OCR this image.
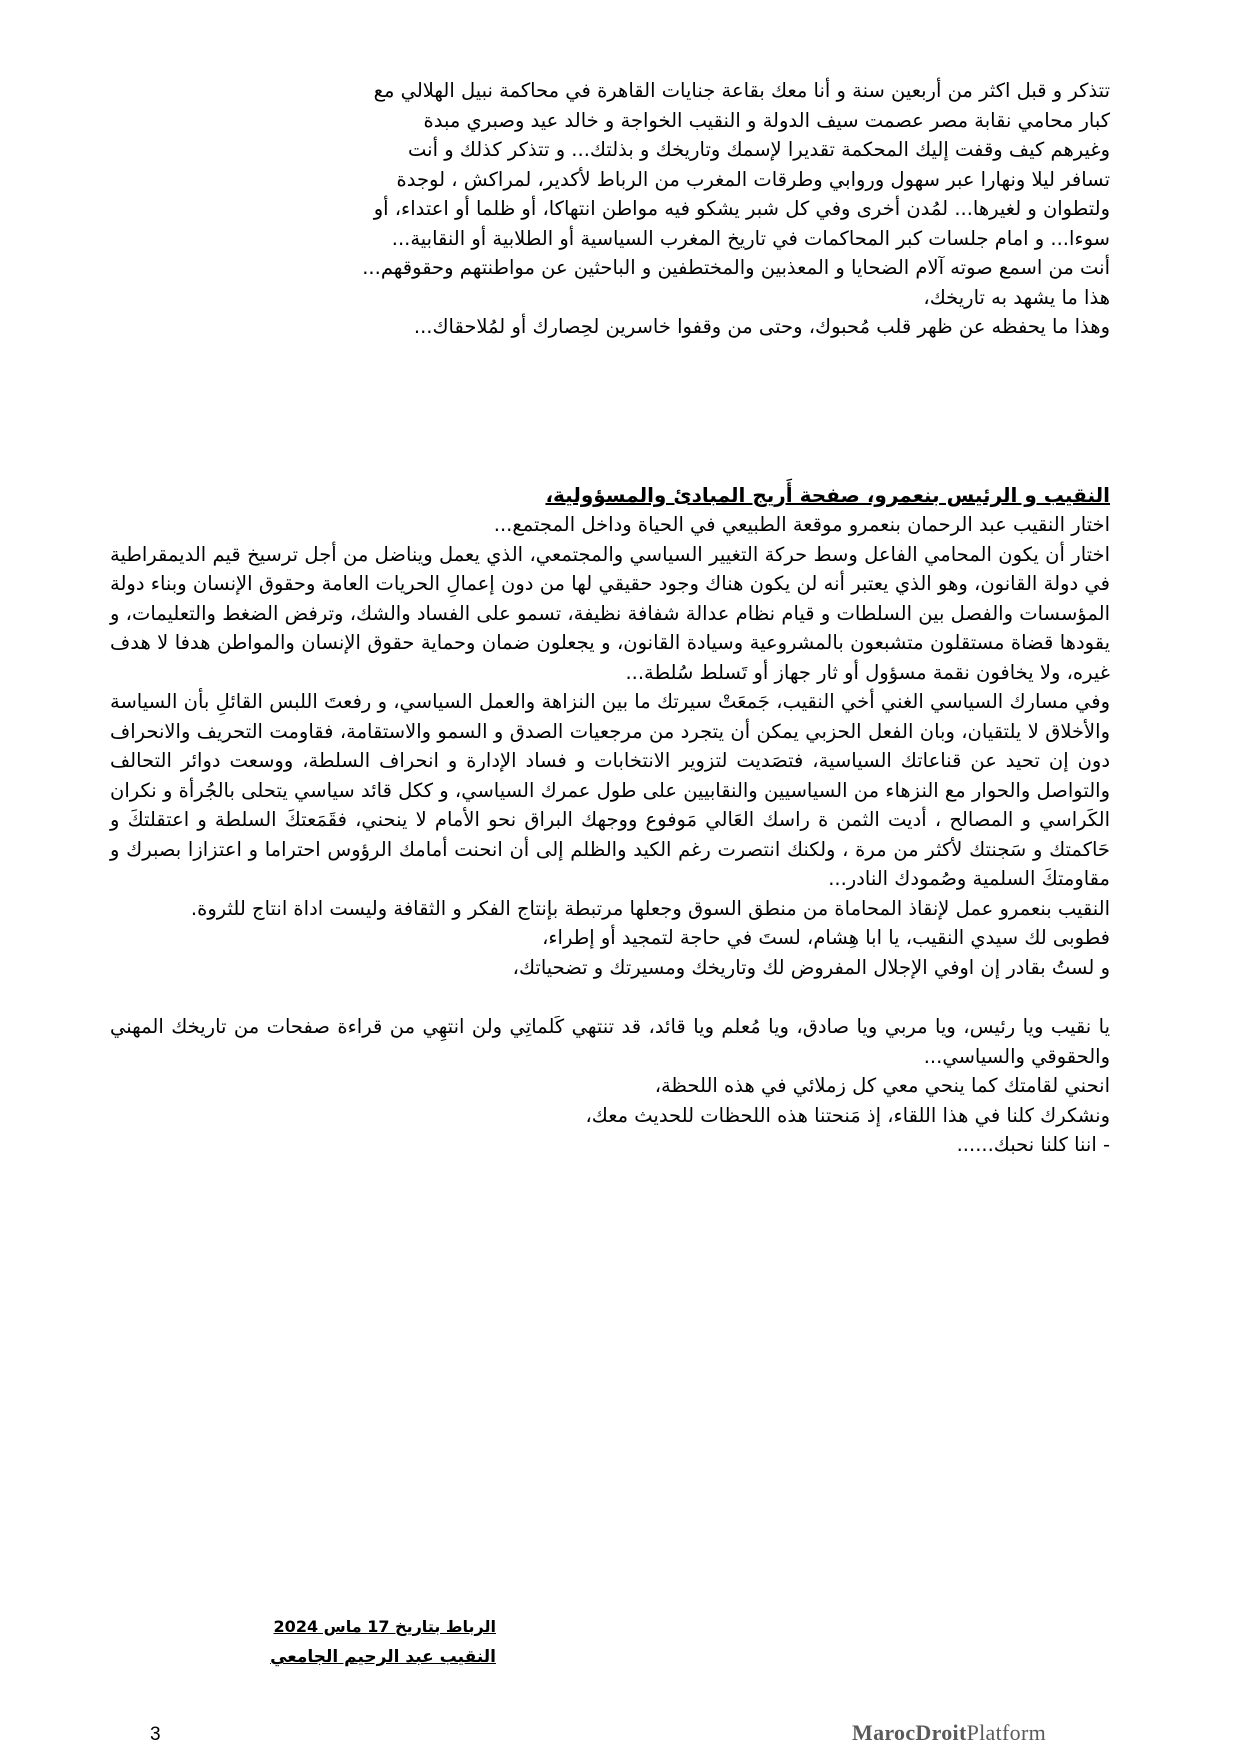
تتذكر و قبل اكثر من أربعين سنة و أنا معك بقاعة جنايات القاهرة في محاكمة نبيل الهلالي مع

كبار محامي نقابة مصر عصمت سيف الدولة و النقيب الخواجة و خالد عيد وصبري مبدة

وغيرهم كيف وقفت إليك المحكمة تقديرا لإسمك وتاريخك و بذلتك... و تتذكر كذلك و أنت

تسافر ليلا ونهارا عبر سهول وروابي وطرقات المغرب من الرباط لأكدير، لمراكش ، لوجدة

ولتطوان و لغيرها... لمُدن أخرى وفي كل شبر يشكو فيه مواطن انتهاكا، أو ظلما أو اعتداء، أو

سوءا... و امام جلسات كبر المحاكمات في تاريخ المغرب السياسية أو الطلابية أو النقابية...

أنت من اسمع صوته آلام الضحايا و المعذبين والمختطفين و الباحثين عن مواطنتهم وحقوقهم...

هذا ما يشهد به تاريخك،

وهذا ما يحفظه عن ظهر قلب مُحبوك، وحتى من وقفوا خاسرين لحِصارك أو لمُلاحقاك...

النقيب و الرئيس بنعمرو، صفحة أَريج المبادئ والمسؤولية،

اختار النقيب عبد الرحمان بنعمرو موقعة الطبيعي في الحياة وداخل المجتمع...

اختار أن يكون المحامي الفاعل وسط حركة التغيير السياسي والمجتمعي، الذي يعمل ويناضل من أجل ترسيخ قيم الديمقراطية في دولة القانون، وهو الذي يعتبر أنه لن يكون هناك وجود حقيقي لها من دون إعمالِ الحريات العامة وحقوق الإنسان وبناء دولة المؤسسات والفصل بين السلطات و قيام نظام عدالة شفافة نظيفة، تسمو على الفساد والشك، وترفض الضغط والتعليمات، و يقودها قضاة مستقلون متشبعون بالمشروعية وسيادة القانون، و يجعلون ضمان وحماية حقوق الإنسان والمواطن هدفا لا هدف غيره، ولا يخافون نقمة مسؤول أو ثار جهاز أو تَسلط سُلطة...

وفي مسارك السياسي الغني أخي النقيب، جَمعَتْ سيرتك ما بين النزاهة والعمل السياسي، و رفعتَ اللبس القائلِ بأن السياسة والأخلاق لا يلتقيان، وبان الفعل الحزبي يمكن أن يتجرد من مرجعيات الصدق و السمو والاستقامة، فقاومت التحريف والانحراف دون إن تحيد عن قناعاتك السياسية، فتصَديت لتزوير الانتخابات و فساد الإدارة و انحراف السلطة، ووسعت دوائر التحالف والتواصل والحوار مع النزهاء من السياسيين والنقابيين على طول عمرك السياسي، و ككل قائد سياسي يتحلى بالجُرأة و نكران الكَراسي و المصالح ، أديت الثمن ة راسك العَالي مَوفوع ووجهك البراق نحو الأمام لا ينحني، فقَمَعتكَ السلطة و اعتقلتكَ و حَاكمتك و سَجنتك لأكثر من مرة ، ولكنك انتصرت رغم الكيد والظلم إلى أن انحنت أمامك الرؤوس احتراما و اعتزازا بصبرك و مقاومتكَ السلمية وصُمودك النادر...

النقيب بنعمرو عمل لإنقاذ المحاماة من منطق السوق وجعلها مرتبطة بإنتاج الفكر و الثقافة وليست اداة انتاج للثروة.

فطوبى لك سيدي النقيب، يا ابا هِشام، لستَ في حاجة لتمجيد أو إطراء،

و لستُ بقادر إن اوفي الإجلال المفروض لك وتاريخك ومسيرتك و تضحياتك،

يا نقيب ويا رئيس، ويا مربي ويا صادق، ويا مُعلم ويا قائد، قد تنتهي كَلماتِي ولن انتهِي من قراءة صفحات من تاريخك المهني والحقوقي والسياسي...

انحني لقامتك كما ينحي معي كل زملائي في هذه اللحظة،

ونشكرك كلنا في هذا اللقاء، إذ مَنحتنا هذه اللحظات للحديث معك،

- اننا كلنا نحبك......

الرباط بتاريخ 17 ماس 2024
النقيب عبد الرحيم الجامعي
3	MarocDroitPlatform
